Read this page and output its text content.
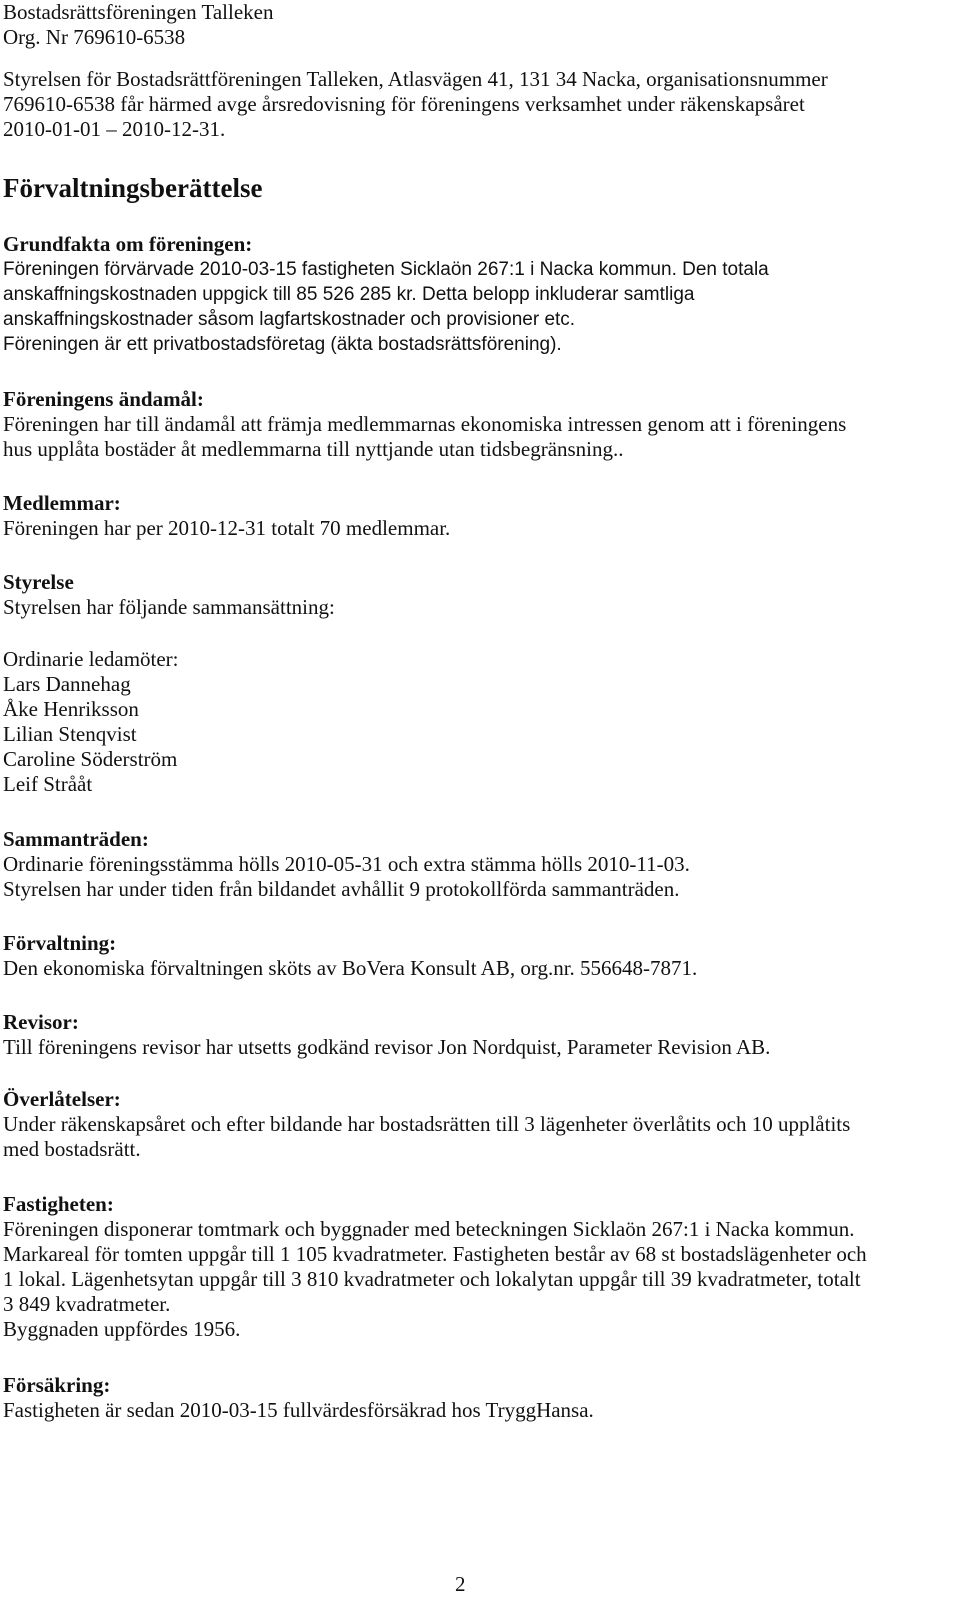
Bostadsrättsföreningen Talleken
Org. Nr 769610-6538
Styrelsen för Bostadsrättföreningen Talleken, Atlasvägen 41, 131 34 Nacka, organisationsnummer
769610-6538 får härmed avge årsredovisning för föreningens verksamhet under räkenskapsåret
2010-01-01 – 2010-12-31.
Förvaltningsberättelse
Grundfakta om föreningen:
Föreningen förvärvade 2010-03-15 fastigheten Sicklaön 267:1 i Nacka kommun. Den totala
anskaffningskostnaden uppgick till 85 526 285 kr. Detta belopp inkluderar samtliga
anskaffningskostnader såsom lagfartskostnader och provisioner etc.
Föreningen är ett privatbostadsföretag (äkta bostadsrättsförening).
Föreningens ändamål:
Föreningen har till ändamål att främja medlemmarnas ekonomiska intressen genom att i föreningens
hus upplåta bostäder åt medlemmarna till nyttjande utan tidsbegränsning..
Medlemmar:
Föreningen har per 2010-12-31 totalt 70 medlemmar.
Styrelse
Styrelsen har följande sammansättning:
Ordinarie ledamöter:
Lars Dannehag
Åke Henriksson
Lilian Stenqvist
Caroline Söderström
Leif Strååt
Sammanträden:
Ordinarie föreningsstämma hölls 2010-05-31 och extra stämma hölls 2010-11-03.
Styrelsen har under tiden från bildandet avhållit 9 protokollförda sammanträden.
Förvaltning:
Den ekonomiska förvaltningen sköts av BoVera Konsult AB, org.nr. 556648-7871.
Revisor:
Till föreningens revisor har utsetts godkänd revisor Jon Nordquist, Parameter Revision AB.
Överlåtelser:
Under räkenskapsåret och efter bildande har bostadsrätten till 3 lägenheter överlåtits och 10 upplåtits
med bostadsrätt.
Fastigheten:
Föreningen disponerar tomtmark och byggnader med beteckningen Sicklaön 267:1 i Nacka kommun.
Markareal för tomten uppgår till 1 105 kvadratmeter. Fastigheten består av 68 st bostadslägenheter och
1 lokal. Lägenhetsytan uppgår till 3 810 kvadratmeter och lokalytan uppgår till 39 kvadratmeter, totalt
3 849 kvadratmeter.
Byggnaden uppfördes 1956.
Försäkring:
Fastigheten är sedan 2010-03-15 fullvärdesförsäkrad hos TryggHansa.
2
